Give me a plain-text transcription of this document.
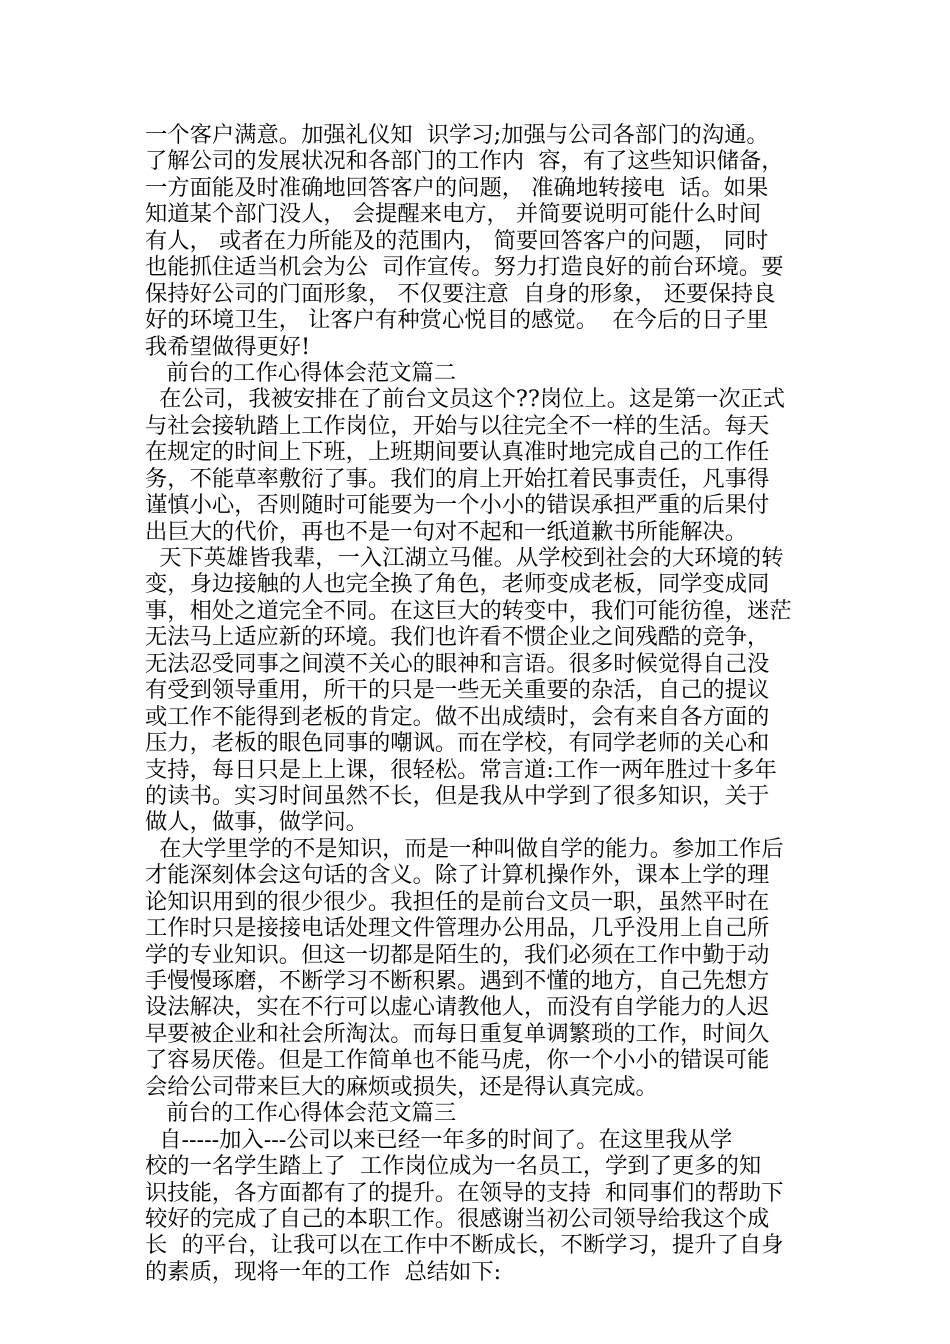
一个客户满意。加强礼仪知  识学习;加强与公司各部门的沟通。
了解公司的发展状况和各部门的工作内  容，有了这些知识储备，
一方面能及时准确地回答客户的问题， 准确地转接电  话。如果
知道某个部门没人， 会提醒来电方， 并简要说明可能什么时间
有人， 或者在力所能及的范围内， 简要回答客户的问题， 同时
也能抓住适当机会为公  司作宣传。努力打造良好的前台环境。要
保持好公司的门面形象， 不仅要注意  自身的形象， 还要保持良
好的环境卫生， 让客户有种赏心悦目的感觉。  在今后的日子里
我希望做得更好!
前台的工作心得体会范文篇二
在公司，我被安排在了前台文员这个??岗位上。这是第一次正式
与社会接轨踏上工作岗位，开始与以往完全不一样的生活。每天
在规定的时间上下班，上班期间要认真准时地完成自己的工作任
务，不能草率敷衍了事。我们的肩上开始扛着民事责任，凡事得
谨慎小心，否则随时可能要为一个小小的错误承担严重的后果付
出巨大的代价，再也不是一句对不起和一纸道歉书所能解决。
天下英雄皆我辈，一入江湖立马催。从学校到社会的大环境的转
变，身边接触的人也完全换了角色，老师变成老板，同学变成同
事，相处之道完全不同。在这巨大的转变中，我们可能彷徨，迷茫
无法马上适应新的环境。我们也许看不惯企业之间残酷的竞争，
无法忍受同事之间漠不关心的眼神和言语。很多时候觉得自己没
有受到领导重用，所干的只是一些无关重要的杂活，自己的提议
或工作不能得到老板的肯定。做不出成绩时，会有来自各方面的
压力，老板的眼色同事的嘲讽。而在学校，有同学老师的关心和
支持，每日只是上上课，很轻松。常言道:工作一两年胜过十多年
的读书。实习时间虽然不长，但是我从中学到了很多知识，关于
做人，做事，做学问。
在大学里学的不是知识，而是一种叫做自学的能力。参加工作后
才能深刻体会这句话的含义。除了计算机操作外，课本上学的理
论知识用到的很少很少。我担任的是前台文员一职，虽然平时在
工作时只是接接电话处理文件管理办公用品，几乎没用上自己所
学的专业知识。但这一切都是陌生的，我们必须在工作中勤于动
手慢慢琢磨，不断学习不断积累。遇到不懂的地方，自己先想方
设法解决，实在不行可以虚心请教他人，而没有自学能力的人迟
早要被企业和社会所淘汰。而每日重复单调繁琐的工作，时间久
了容易厌倦。但是工作简单也不能马虎，你一个小小的错误可能
会给公司带来巨大的麻烦或损失，还是得认真完成。
前台的工作心得体会范文篇三
自-----加入---公司以来已经一年多的时间了。在这里我从学
校的一名学生踏上了  工作岗位成为一名员工，学到了更多的知
识技能，各方面都有了的提升。在领导的支持  和同事们的帮助下
较好的完成了自己的本职工作。很感谢当初公司领导给我这个成
长  的平台，让我可以在工作中不断成长，不断学习，提升了自身
的素质，现将一年的工作  总结如下:
